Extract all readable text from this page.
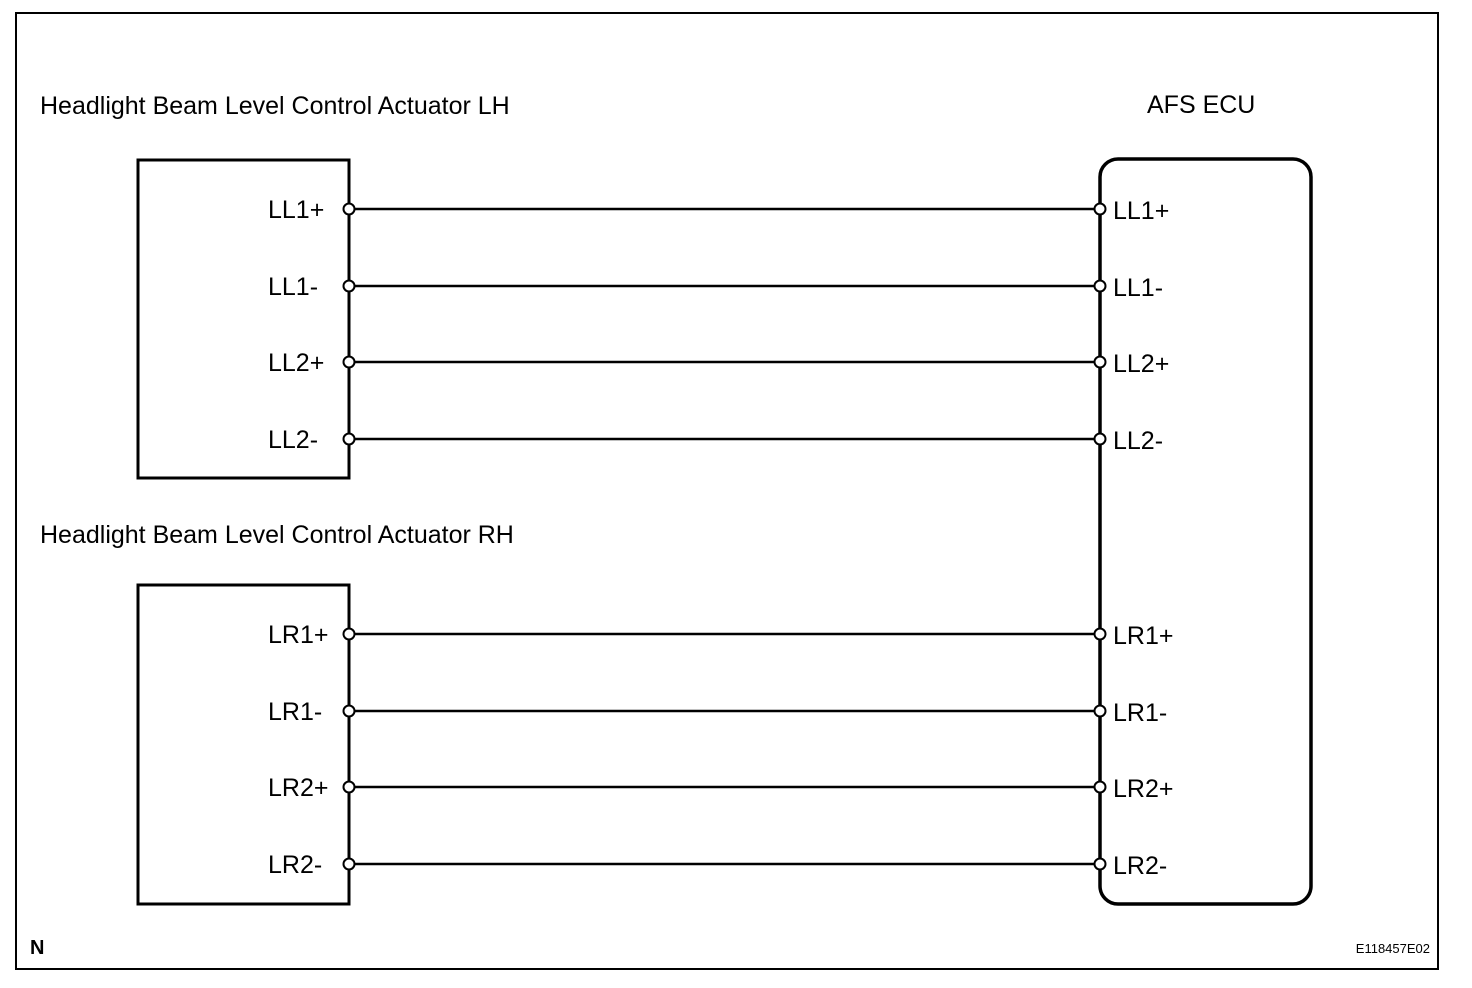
Headlight Beam Level Control Actuator LH
Headlight Beam Level Control Actuator RH
AFS ECU
LL1+
LL1-
LL2+
LL2-
LR1+
LR1-
LR2+
LR2-
LL1+
LL1-
LL2+
LL2-
LR1+
LR1-
LR2+
LR2-
N	E118457E02
